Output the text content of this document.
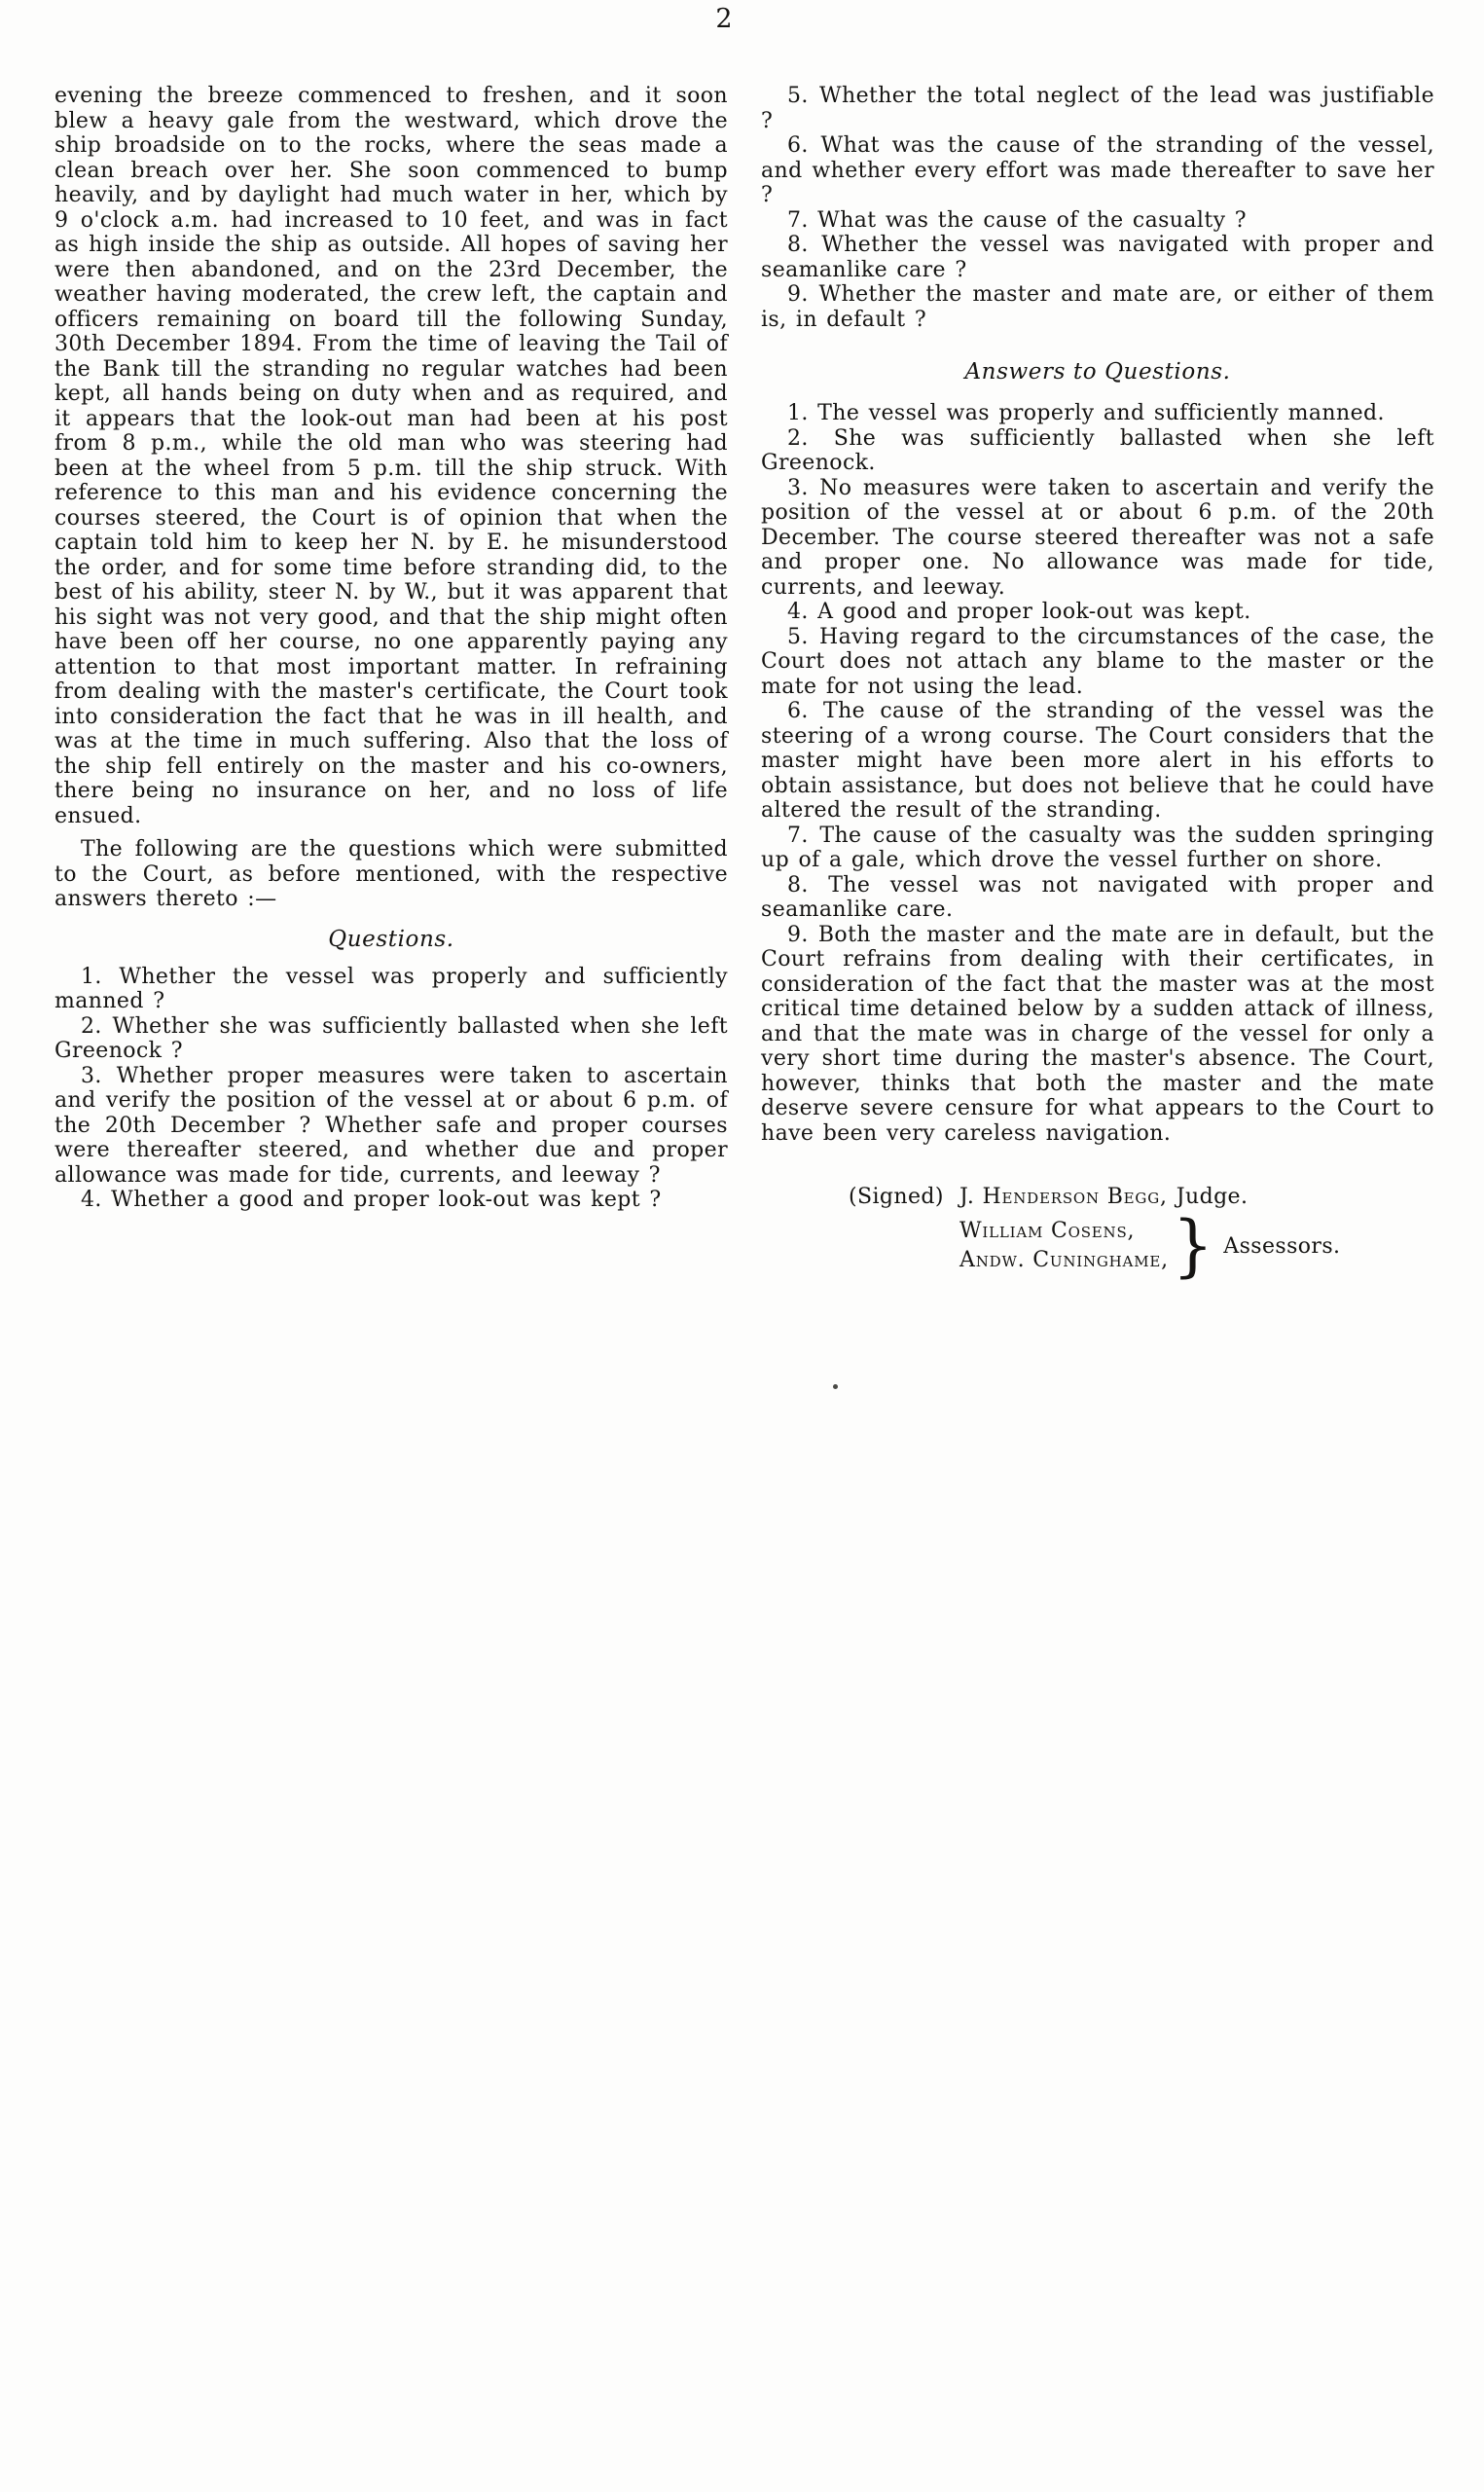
2

evening the breeze commenced to freshen, and it soon blew a heavy gale from the westward, which drove the ship broadside on to the rocks, where the seas made a clean breach over her. She soon commenced to bump heavily, and by daylight had much water in her, which by 9 o'clock a.m. had increased to 10 feet, and was in fact as high inside the ship as outside. All hopes of saving her were then abandoned, and on the 23rd December, the weather having moderated, the crew left, the captain and officers remaining on board till the following Sunday, 30th December 1894. From the time of leaving the Tail of the Bank till the stranding no regular watches had been kept, all hands being on duty when and as required, and it appears that the look-out man had been at his post from 8 p.m., while the old man who was steering had been at the wheel from 5 p.m. till the ship struck. With reference to this man and his evidence concerning the courses steered, the Court is of opinion that when the captain told him to keep her N. by E. he misunderstood the order, and for some time before stranding did, to the best of his ability, steer N. by W., but it was apparent that his sight was not very good, and that the ship might often have been off her course, no one apparently paying any attention to that most important matter. In refraining from dealing with the master's certificate, the Court took into consideration the fact that he was in ill health, and was at the time in much suffering. Also that the loss of the ship fell entirely on the master and his co-owners, there being no insurance on her, and no loss of life ensued.

The following are the questions which were submitted to the Court, as before mentioned, with the respective answers thereto :—

Questions.

1. Whether the vessel was properly and sufficiently manned ?

2. Whether she was sufficiently ballasted when she left Greenock ?

3. Whether proper measures were taken to ascertain and verify the position of the vessel at or about 6 p.m. of the 20th December ? Whether safe and proper courses were thereafter steered, and whether due and proper allowance was made for tide, currents, and leeway ?

4. Whether a good and proper look-out was kept ?

5. Whether the total neglect of the lead was justifiable ?

6. What was the cause of the stranding of the vessel, and whether every effort was made thereafter to save her ?

7. What was the cause of the casualty ?

8. Whether the vessel was navigated with proper and seamanlike care ?

9. Whether the master and mate are, or either of them is, in default ?

Answers to Questions.

1. The vessel was properly and sufficiently manned.

2. She was sufficiently ballasted when she left Greenock.

3. No measures were taken to ascertain and verify the position of the vessel at or about 6 p.m. of the 20th December. The course steered thereafter was not a safe and proper one. No allowance was made for tide, currents, and leeway.

4. A good and proper look-out was kept.

5. Having regard to the circumstances of the case, the Court does not attach any blame to the master or the mate for not using the lead.

6. The cause of the stranding of the vessel was the steering of a wrong course. The Court considers that the master might have been more alert in his efforts to obtain assistance, but does not believe that he could have altered the result of the stranding.

7. The cause of the casualty was the sudden springing up of a gale, which drove the vessel further on shore.

8. The vessel was not navigated with proper and seamanlike care.

9. Both the master and the mate are in default, but the Court refrains from dealing with their certificates, in consideration of the fact that the master was at the most critical time detained below by a sudden attack of illness, and that the mate was in charge of the vessel for only a very short time during the master's absence. The Court, however, thinks that both the master and the mate deserve severe censure for what appears to the Court to have been very careless navigation.

(Signed) J. Henderson Begg, Judge.
William Cosens,
Andw. Cuninghame, } Assessors.
